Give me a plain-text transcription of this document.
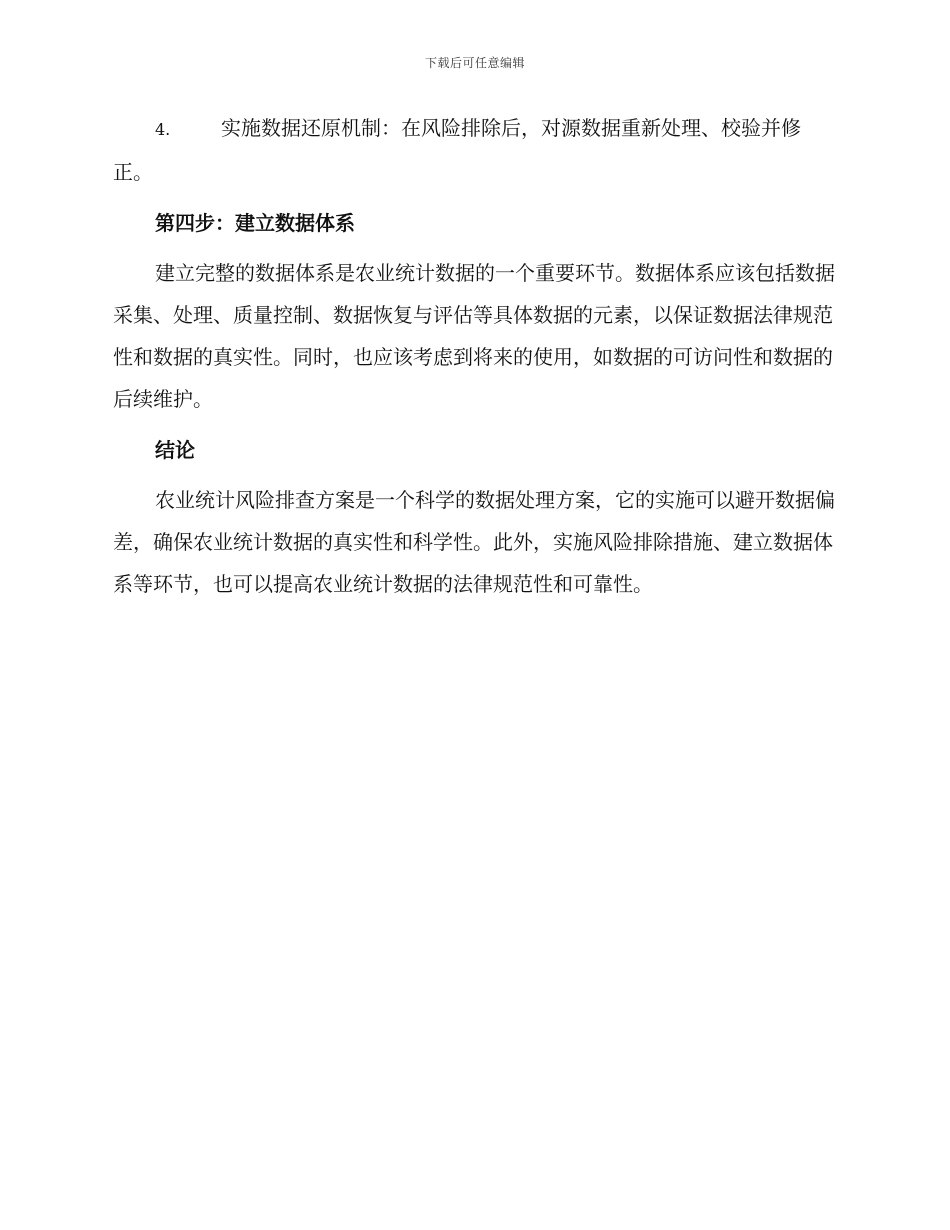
下载后可任意编辑

4.	实施数据还原机制：在风险排除后，对源数据重新处理、校验并修正。

第四步：建立数据体系

建立完整的数据体系是农业统计数据的一个重要环节。数据体系应该包括数据采集、处理、质量控制、数据恢复与评估等具体数据的元素，以保证数据法律规范性和数据的真实性。同时，也应该考虑到将来的使用，如数据的可访问性和数据的后续维护。

结论

农业统计风险排查方案是一个科学的数据处理方案，它的实施可以避开数据偏差，确保农业统计数据的真实性和科学性。此外，实施风险排除措施、建立数据体系等环节，也可以提高农业统计数据的法律规范性和可靠性。
